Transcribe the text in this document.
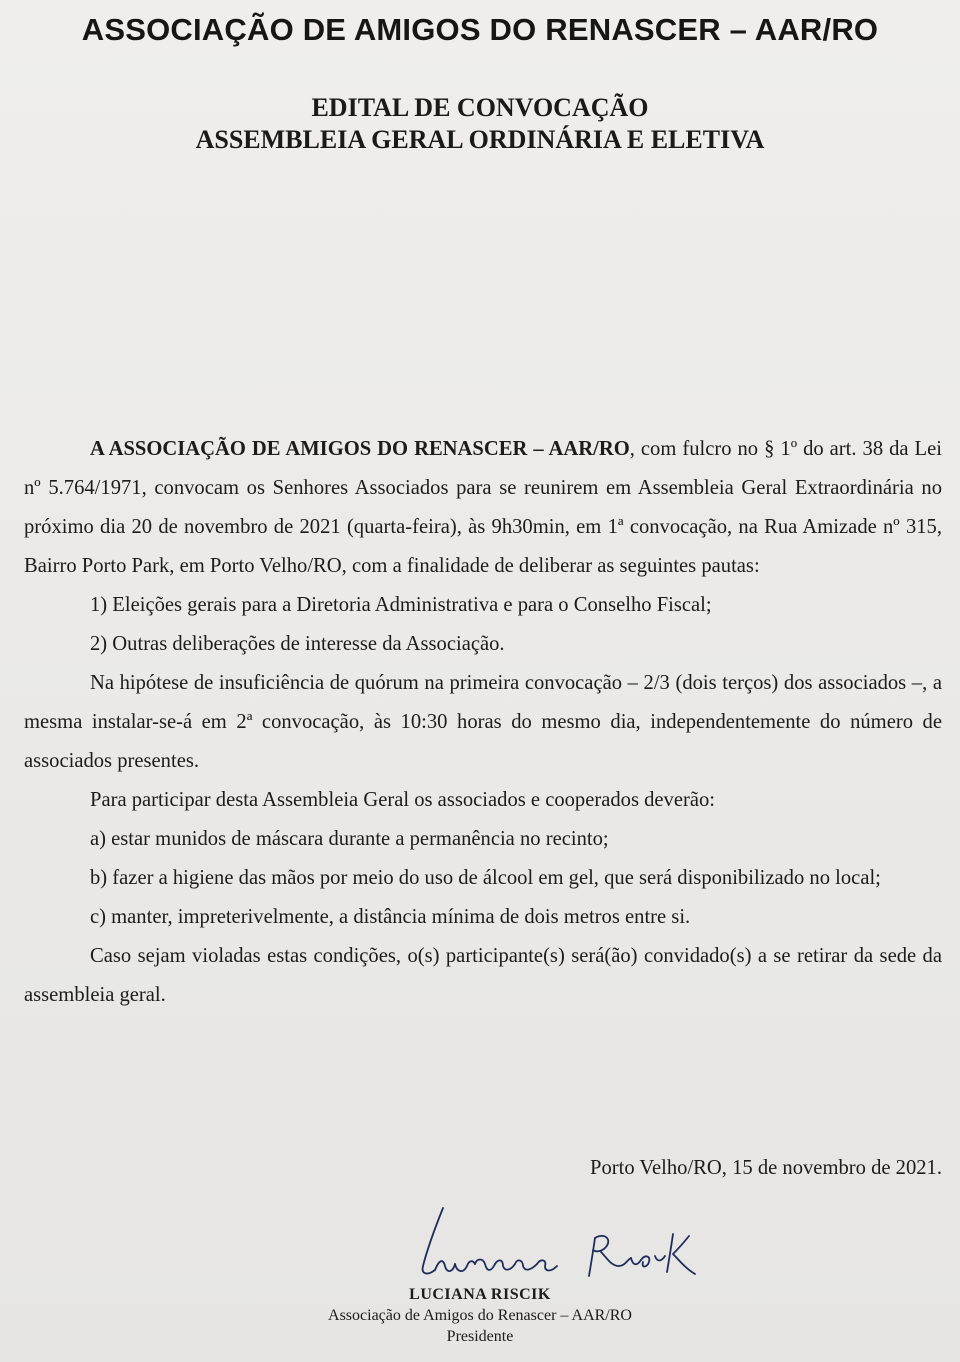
ASSOCIAÇÃO DE AMIGOS DO RENASCER – AAR/RO
EDITAL DE CONVOCAÇÃO
ASSEMBLEIA GERAL ORDINÁRIA E ELETIVA

A ASSOCIAÇÃO DE AMIGOS DO RENASCER – AAR/RO, com fulcro no § 1º do art. 38 da Lei nº 5.764/1971, convocam os Senhores Associados para se reunirem em Assembleia Geral Extraordinária no próximo dia 20 de novembro de 2021 (quarta-feira), às 9h30min, em 1ª convocação, na Rua Amizade nº 315, Bairro Porto Park, em Porto Velho/RO, com a finalidade de deliberar as seguintes pautas:

1) Eleições gerais para a Diretoria Administrativa e para o Conselho Fiscal;

2) Outras deliberações de interesse da Associação.

Na hipótese de insuficiência de quórum na primeira convocação – 2/3 (dois terços) dos associados –, a mesma instalar-se-á em 2ª convocação, às 10:30 horas do mesmo dia, independentemente do número de associados presentes.

Para participar desta Assembleia Geral os associados e cooperados deverão:

a) estar munidos de máscara durante a permanência no recinto;

b) fazer a higiene das mãos por meio do uso de álcool em gel, que será disponibilizado no local;

c) manter, impreterivelmente, a distância mínima de dois metros entre si.

Caso sejam violadas estas condições, o(s) participante(s) será(ão) convidado(s) a se retirar da sede da assembleia geral.

Porto Velho/RO, 15 de novembro de 2021.
LUCIANA RISCIK
Associação de Amigos do Renascer – AAR/RO
Presidente
